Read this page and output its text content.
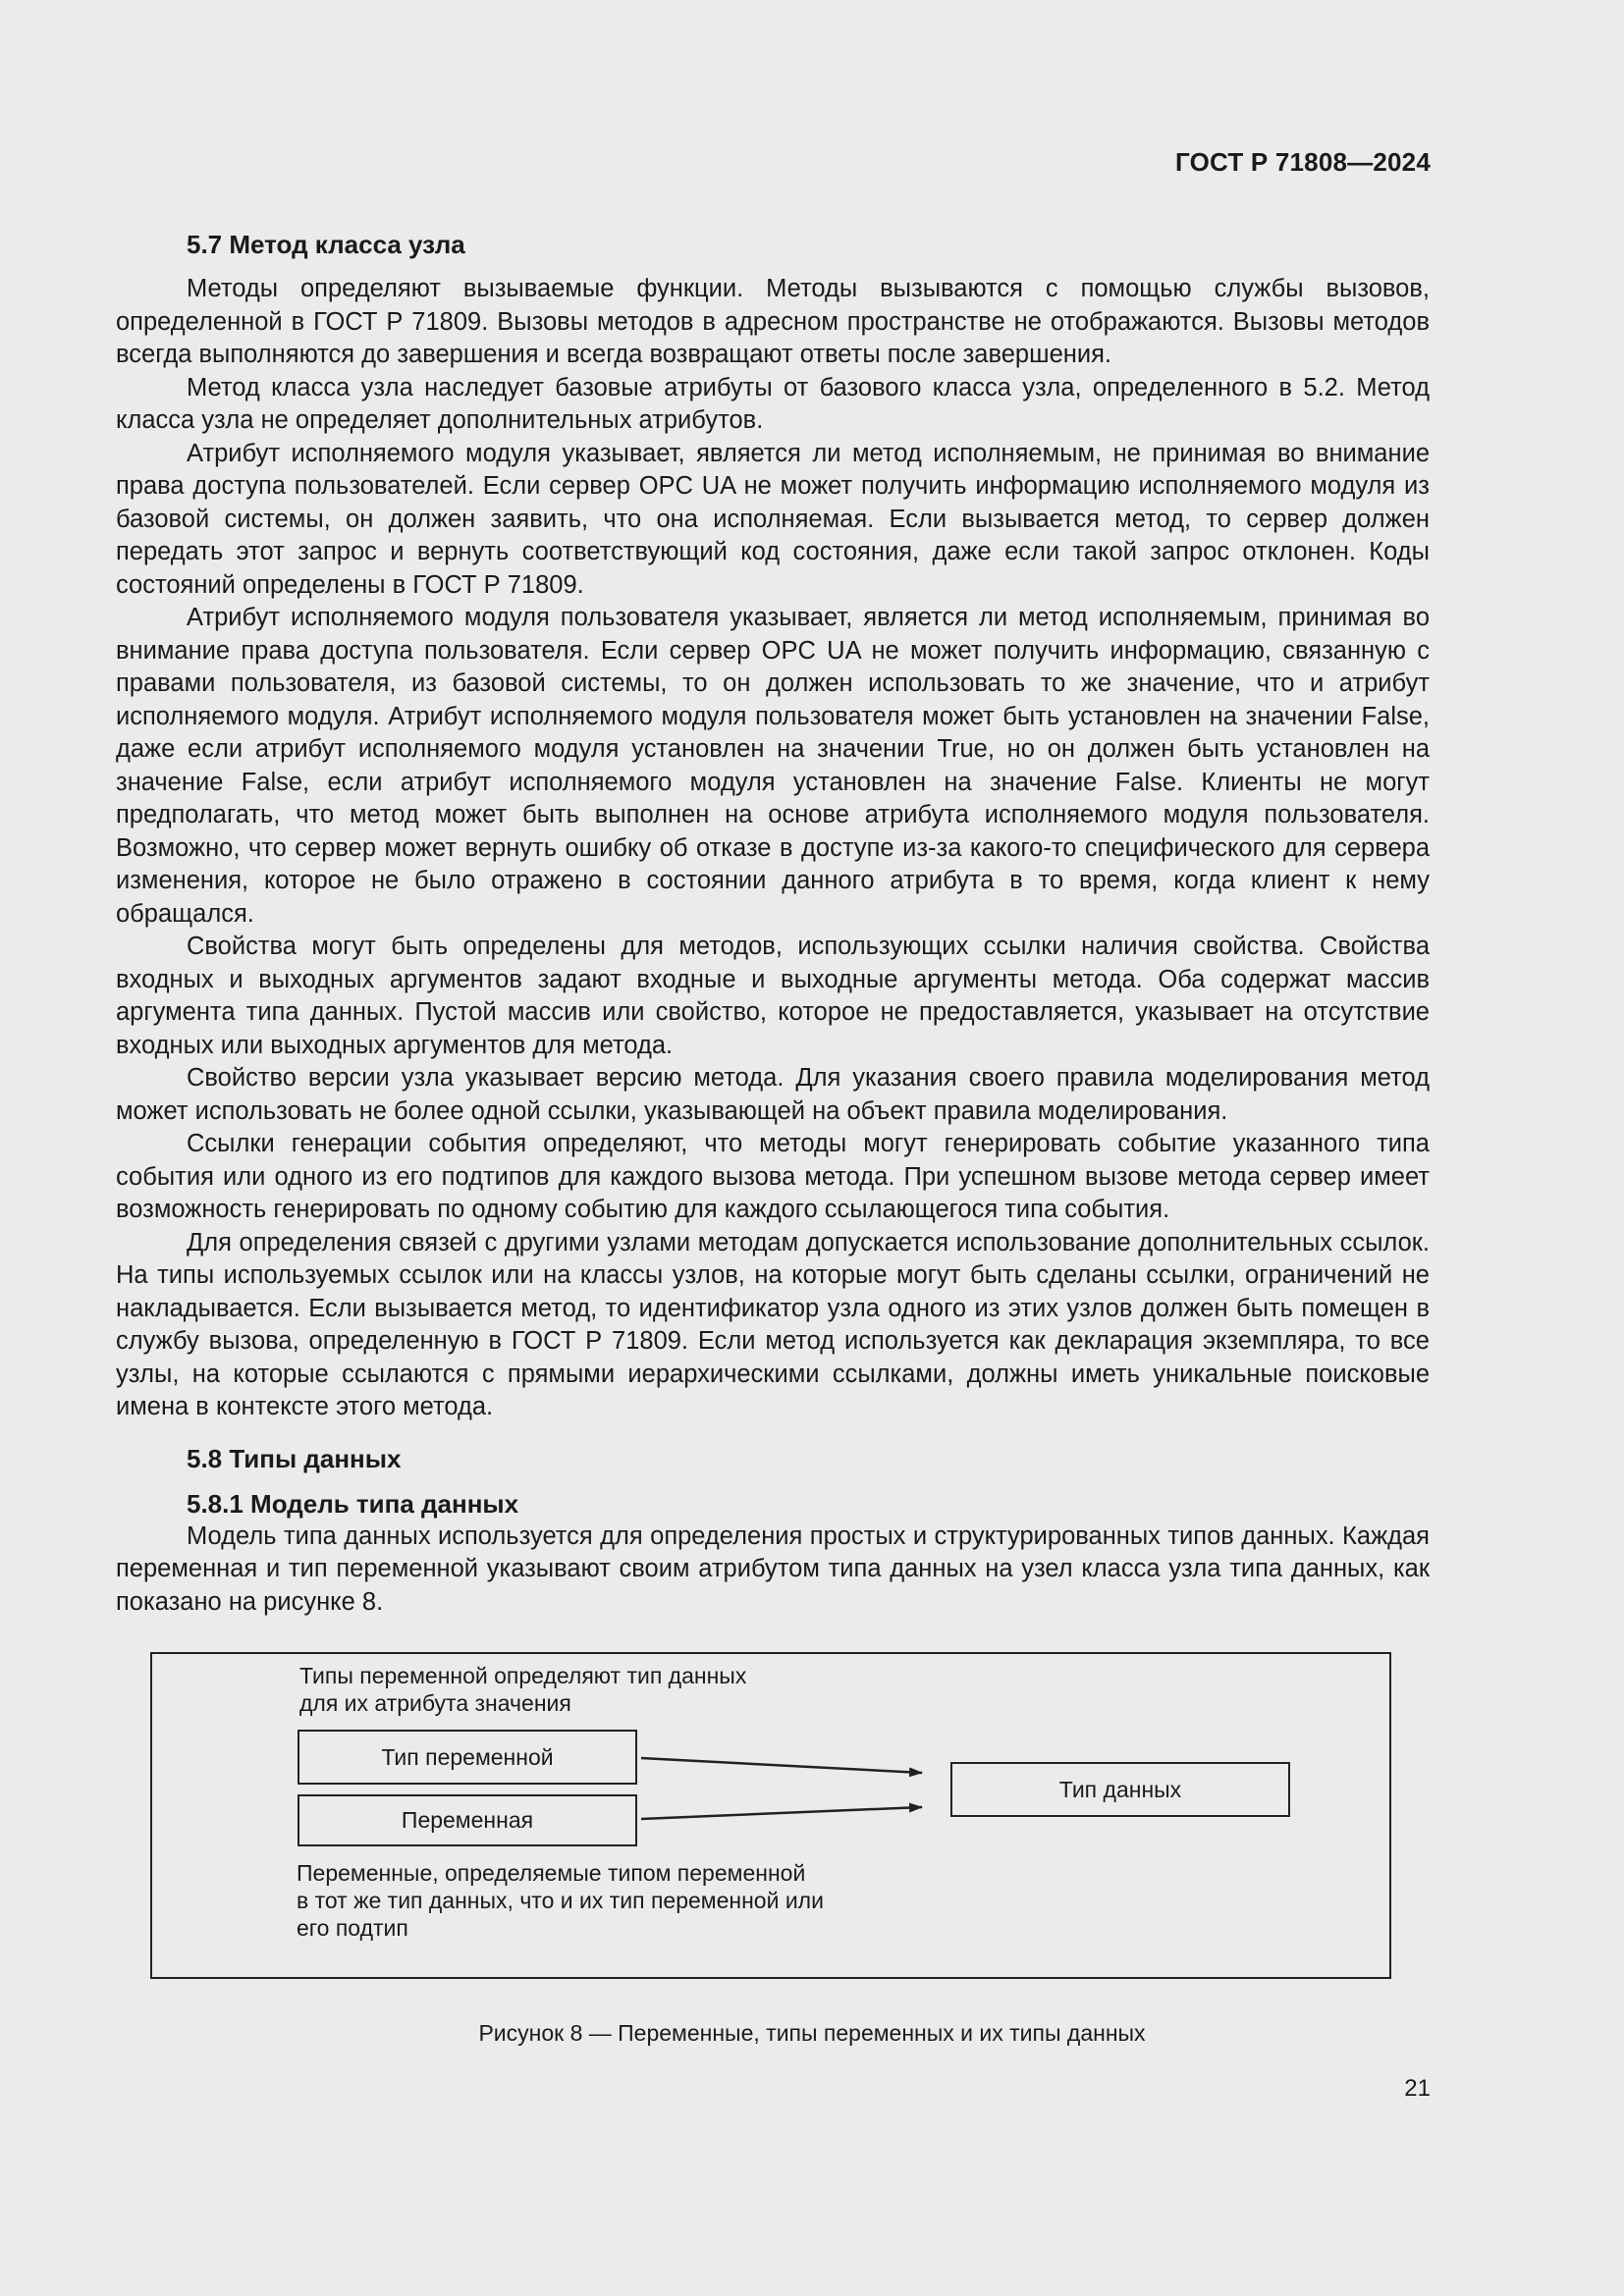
ГОСТ Р 71808—2024
5.7 Метод класса узла

Методы определяют вызываемые функции. Методы вызываются с помощью службы вызовов, определенной в ГОСТ Р 71809. Вызовы методов в адресном пространстве не отображаются. Вызовы методов всегда выполняются до завершения и всегда возвращают ответы после завершения.

Метод класса узла наследует базовые атрибуты от базового класса узла, определенного в 5.2. Метод класса узла не определяет дополнительных атрибутов.

Атрибут исполняемого модуля указывает, является ли метод исполняемым, не принимая во внимание права доступа пользователей. Если сервер OPC UA не может получить информацию исполняемого модуля из базовой системы, он должен заявить, что она исполняемая. Если вызывается метод, то сервер должен передать этот запрос и вернуть соответствующий код состояния, даже если такой запрос отклонен. Коды состояний определены в ГОСТ Р 71809.

Атрибут исполняемого модуля пользователя указывает, является ли метод исполняемым, принимая во внимание права доступа пользователя. Если сервер OPC UA не может получить информацию, связанную с правами пользователя, из базовой системы, то он должен использовать то же значение, что и атрибут исполняемого модуля. Атрибут исполняемого модуля пользователя может быть установлен на значении False, даже если атрибут исполняемого модуля установлен на значении True, но он должен быть установлен на значение False, если атрибут исполняемого модуля установлен на значение False. Клиенты не могут предполагать, что метод может быть выполнен на основе атрибута исполняемого модуля пользователя. Возможно, что сервер может вернуть ошибку об отказе в доступе из-за какого-то специфического для сервера изменения, которое не было отражено в состоянии данного атрибута в то время, когда клиент к нему обращался.

Свойства могут быть определены для методов, использующих ссылки наличия свойства. Свойства входных и выходных аргументов задают входные и выходные аргументы метода. Оба содержат массив аргумента типа данных. Пустой массив или свойство, которое не предоставляется, указывает на отсутствие входных или выходных аргументов для метода.

Свойство версии узла указывает версию метода. Для указания своего правила моделирования метод может использовать не более одной ссылки, указывающей на объект правила моделирования.

Ссылки генерации события определяют, что методы могут генерировать событие указанного типа события или одного из его подтипов для каждого вызова метода. При успешном вызове метода сервер имеет возможность генерировать по одному событию для каждого ссылающегося типа события.

Для определения связей с другими узлами методам допускается использование дополнительных ссылок. На типы используемых ссылок или на классы узлов, на которые могут быть сделаны ссылки, ограничений не накладывается. Если вызывается метод, то идентификатор узла одного из этих узлов должен быть помещен в службу вызова, определенную в ГОСТ Р 71809. Если метод используется как декларация экземпляра, то все узлы, на которые ссылаются с прямыми иерархическими ссылками, должны иметь уникальные поисковые имена в контексте этого метода.

5.8 Типы данных
5.8.1 Модель типа данных

Модель типа данных используется для определения простых и структурированных типов данных. Каждая переменная и тип переменной указывают своим атрибутом типа данных на узел класса узла типа данных, как показано на рисунке 8.

Типы переменной определяют тип данных
для их атрибута значения
Тип переменной
Переменная
Тип данных
Переменные, определяемые типом переменной
в тот же тип данных, что и их тип переменной или
его подтип
Рисунок 8 — Переменные, типы переменных и их типы данных
21
